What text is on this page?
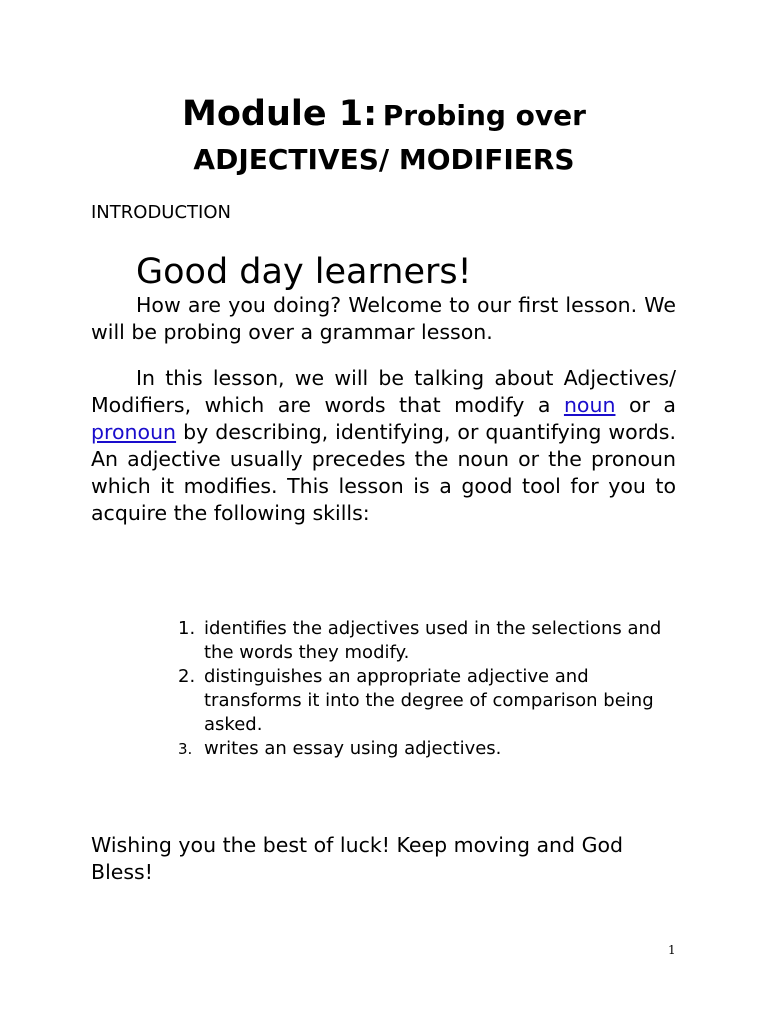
Module 1: Probing over
ADJECTIVES/ MODIFIERS
INTRODUCTION
Good day learners!

How are you doing? Welcome to our first lesson. We will be probing over a grammar lesson.

In this lesson, we will be talking about Adjectives/ Modifiers, which are words that modify a noun or a pronoun by describing, identifying, or quantifying words. An adjective usually precedes the noun or the pronoun which it modifies. This lesson is a good tool for you to acquire the following skills:

1. identifies the adjectives used in the selections and the words they modify.
2. distinguishes an appropriate adjective and transforms it into the degree of comparison being asked.
3. writes an essay using adjectives.

Wishing you the best of luck! Keep moving and God Bless!

1
